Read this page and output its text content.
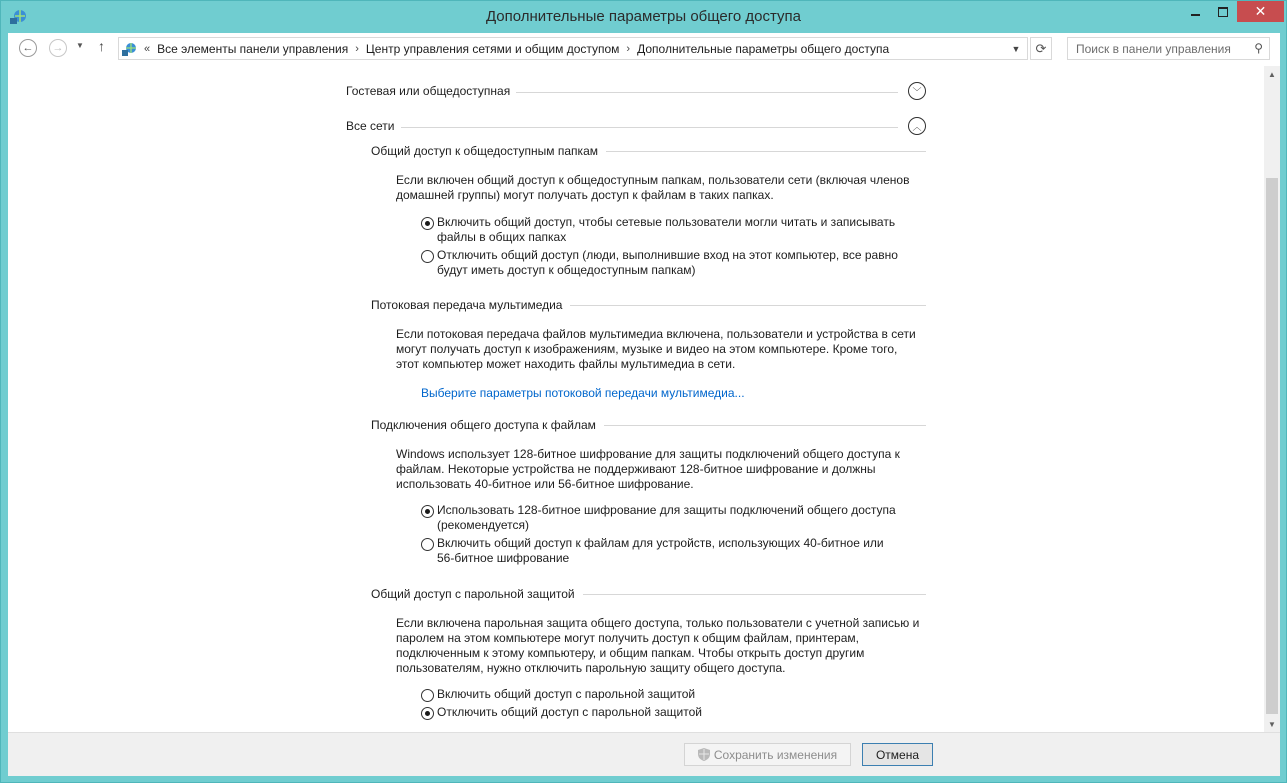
Дополнительные параметры общего доступа	✕
← → ▼ ↑	« Все элементы панели управления › Центр управления сетями и общим доступом › Дополнительные параметры общего доступа	▼ ⟳
Поиск в панели управления	⚲
Гостевая или общедоступная	﹀
Все сети	︿
Общий доступ к общедоступным папкам
Если включен общий доступ к общедоступным папкам, пользователи сети (включая членов
домашней группы) могут получать доступ к файлам в таких папках.
Включить общий доступ, чтобы сетевые пользователи могли читать и записывать
файлы в общих папках
Отключить общий доступ (люди, выполнившие вход на этот компьютер, все равно
будут иметь доступ к общедоступным папкам)
Потоковая передача мультимедиа
Если потоковая передача файлов мультимедиа включена, пользователи и устройства в сети
могут получать доступ к изображениям, музыке и видео на этом компьютере. Кроме того,
этот компьютер может находить файлы мультимедиа в сети.
Выберите параметры потоковой передачи мультимедиа...
Подключения общего доступа к файлам
Windows использует 128-битное шифрование для защиты подключений общего доступа к
файлам. Некоторые устройства не поддерживают 128-битное шифрование и должны
использовать 40-битное или 56-битное шифрование.
Использовать 128-битное шифрование для защиты подключений общего доступа
(рекомендуется)
Включить общий доступ к файлам для устройств, использующих 40-битное или
56-битное шифрование
Общий доступ с парольной защитой
Если включена парольная защита общего доступа, только пользователи с учетной записью и
паролем на этом компьютере могут получить доступ к общим файлам, принтерам,
подключенным к этому компьютеру, и общим папкам. Чтобы открыть доступ другим
пользователям, нужно отключить парольную защиту общего доступа.
Включить общий доступ с парольной защитой
Отключить общий доступ с парольной защитой
▲
▼
Сохранить изменения	Отмена
